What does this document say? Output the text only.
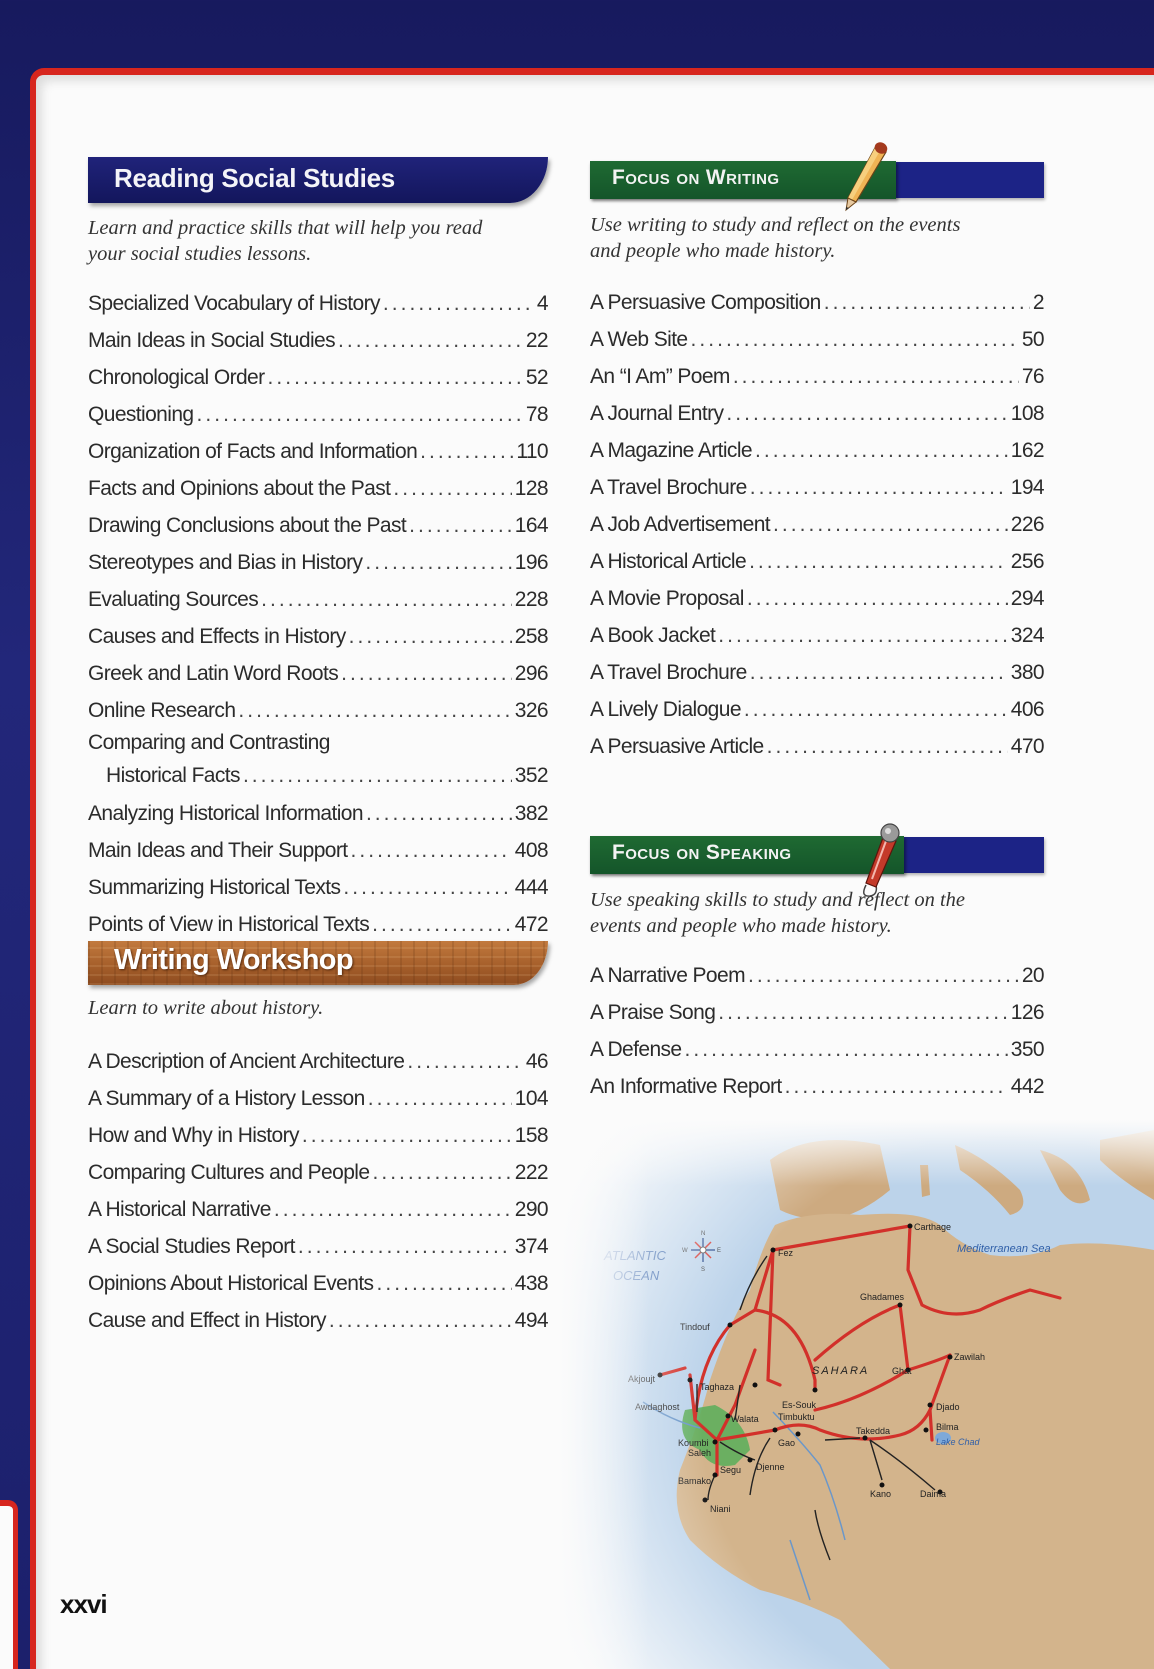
Reading Social Studies

Learn and practice skills that will help you read your social studies lessons.

Specialized Vocabulary of History . . .	4
Main Ideas in Social Studies . . .	22
Chronological Order . . .	52
Questioning . . .	78
Organization of Facts and Information . . .	110
Facts and Opinions about the Past . . .	128
Drawing Conclusions about the Past . . .	164
Stereotypes and Bias in History . . .	196
Evaluating Sources . . .	228
Causes and Effects in History . . .	258
Greek and Latin Word Roots . . .	296
Online Research . . .	326
Comparing and Contrasting
Historical Facts . . .	352
Analyzing Historical Information . . .	382
Main Ideas and Their Support . . .	408
Summarizing Historical Texts . . .	444
Points of View in Historical Texts . . .	472
Writing Workshop

Learn to write about history.

A Description of Ancient Architecture . . .	46
A Summary of a History Lesson . . .	104
How and Why in History . . .	158
Comparing Cultures and People . . .	222
A Historical Narrative . . .	290
A Social Studies Report . . .	374
Opinions About Historical Events . . .	438
Cause and Effect in History . . .	494
Focus on Writing

Use writing to study and reflect on the events and people who made history.

A Persuasive Composition . . .	2
A Web Site . . .	50
An “I Am” Poem . . .	76
A Journal Entry . . .	108
A Magazine Article . . .	162
A Travel Brochure . . .	194
A Job Advertisement . . .	226
A Historical Article . . .	256
A Movie Proposal . . .	294
A Book Jacket . . .	324
A Travel Brochure . . .	380
A Lively Dialogue . . .	406
A Persuasive Article . . .	470
Focus on Speaking

Use speaking skills to study and reflect on the events and people who made history.

A Narrative Poem . . .	20
A Praise Song . . .	126
A Defense . . .	350
An Informative Report . . .	442
xxvi
